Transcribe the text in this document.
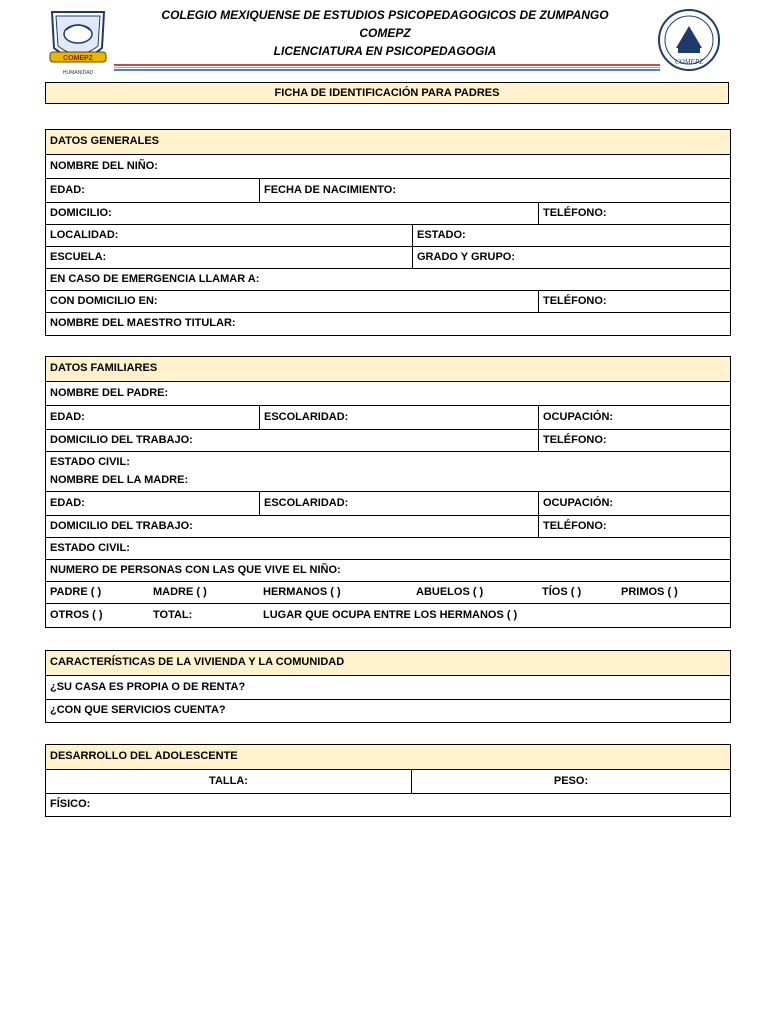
COMEPZ
HUMANIDAD
COMEPZ
COLEGIO MEXIQUENSE DE ESTUDIOS PSICOPEDAGOGICOS DE ZUMPANGO
COMEPZ
LICENCIATURA EN PSICOPEDAGOGIA
FICHA DE IDENTIFICACIÓN PARA PADRES
DATOS GENERALES
NOMBRE DEL NIÑO:
EDAD:	FECHA DE NACIMIENTO:
DOMICILIO:	TELÉFONO:
LOCALIDAD:	ESTADO:
ESCUELA:	GRADO Y GRUPO:
EN CASO DE EMERGENCIA LLAMAR A:
CON DOMICILIO EN:	TELÉFONO:
NOMBRE DEL MAESTRO TITULAR:
DATOS FAMILIARES
NOMBRE DEL PADRE:
EDAD:	ESCOLARIDAD:	OCUPACIÓN:
DOMICILIO DEL TRABAJO:	TELÉFONO:
ESTADO CIVIL:
NOMBRE DEL LA MADRE:
EDAD:	ESCOLARIDAD:	OCUPACIÓN:
DOMICILIO DEL TRABAJO:	TELÉFONO:
ESTADO CIVIL:
NUMERO DE PERSONAS CON LAS QUE VIVE EL NIÑO:
PADRE ( )	MADRE ( )	HERMANOS ( )	ABUELOS ( )	TÍOS ( )	PRIMOS ( )
OTROS ( )	TOTAL:	LUGAR QUE OCUPA ENTRE LOS HERMANOS ( )
CARACTERÍSTICAS DE LA VIVIENDA Y LA COMUNIDAD
¿SU CASA ES PROPIA O DE RENTA?
¿CON QUE SERVICIOS CUENTA?
DESARROLLO DEL ADOLESCENTE
TALLA:	PESO:
FÍSICO:
